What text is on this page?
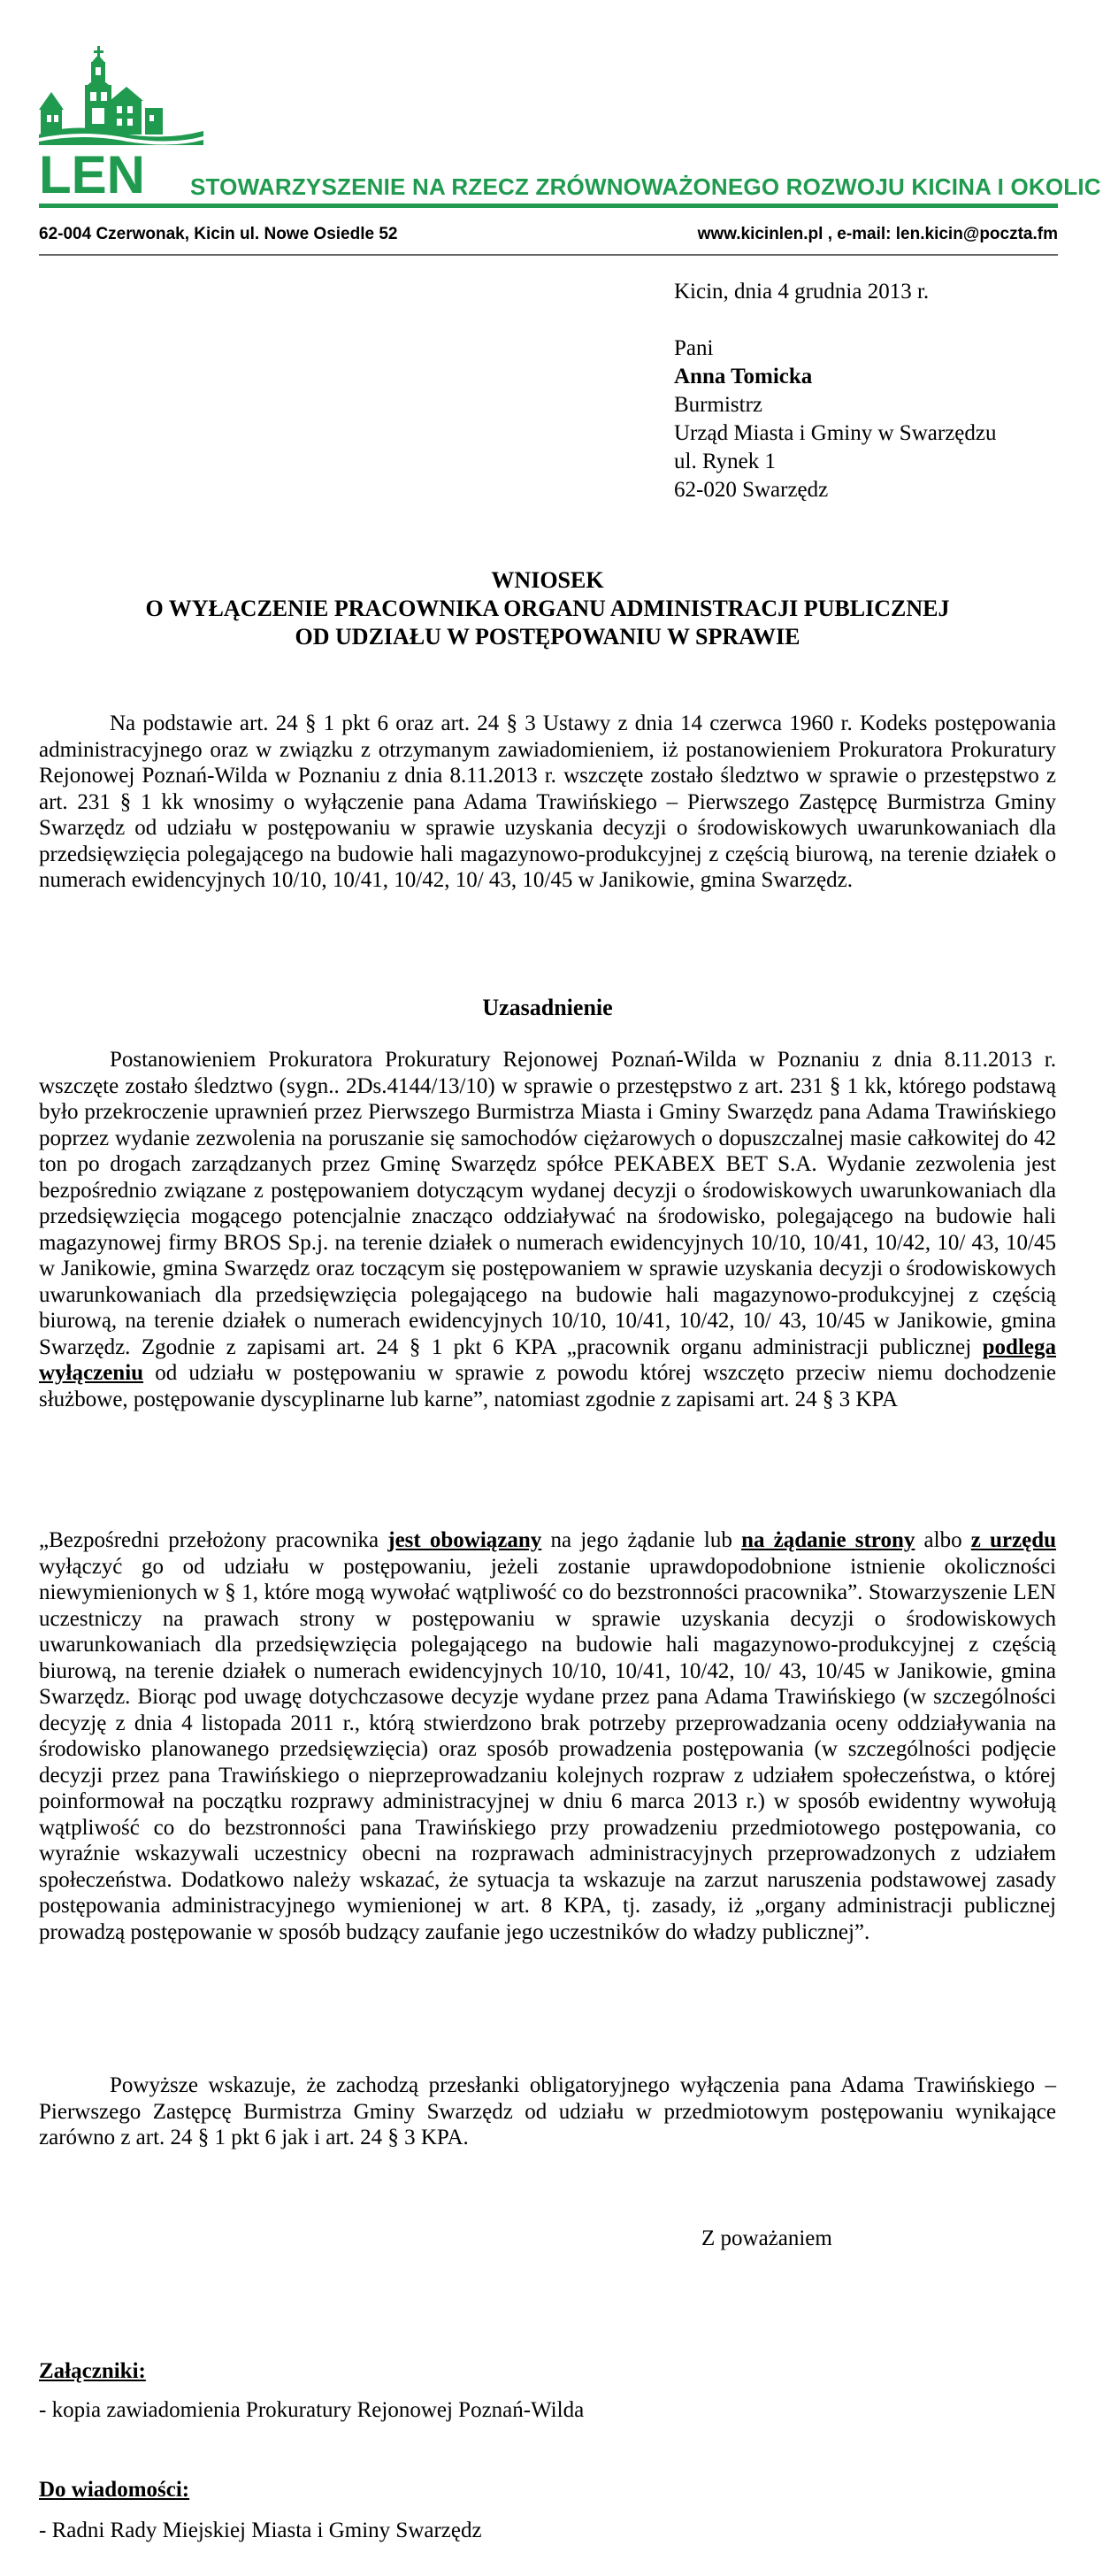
LEN STOWARZYSZENIE NA RZECZ ZRÓWNOWAŻONEGO ROZWOJU KICINA I OKOLIC
62-004 Czerwonak, Kicin ul. Nowe Osiedle 52	www.kicinlen.pl , e-mail: len.kicin@poczta.fm
Kicin, dnia 4 grudnia 2013 r.
Pani
Anna Tomicka
Burmistrz
Urząd Miasta i Gminy w Swarzędzu
ul. Rynek 1
62-020 Swarzędz
WNIOSEK
O WYŁĄCZENIE PRACOWNIKA ORGANU ADMINISTRACJI PUBLICZNEJ
OD UDZIAŁU W POSTĘPOWANIU W SPRAWIE
Na podstawie art. 24 § 1 pkt 6 oraz art. 24 § 3 Ustawy z dnia 14 czerwca 1960 r. Kodeks postępowania administracyjnego oraz w związku z otrzymanym zawiadomieniem, iż postanowieniem Prokuratora Prokuratury Rejonowej Poznań-Wilda w Poznaniu z dnia 8.11.2013 r. wszczęte zostało śledztwo w sprawie o przestępstwo z art. 231 § 1 kk wnosimy o wyłączenie pana Adama Trawińskiego – Pierwszego Zastępcę Burmistrza Gminy Swarzędz od udziału w postępowaniu w sprawie uzyskania decyzji o środowiskowych uwarunkowaniach dla przedsięwzięcia polegającego na budowie hali magazynowo-produkcyjnej z częścią biurową, na terenie działek o numerach ewidencyjnych 10/10, 10/41, 10/42, 10/ 43, 10/45 w Janikowie, gmina Swarzędz.
Uzasadnienie
Postanowieniem Prokuratora Prokuratury Rejonowej Poznań-Wilda w Poznaniu z dnia 8.11.2013 r. wszczęte zostało śledztwo (sygn.. 2Ds.4144/13/10) w sprawie o przestępstwo z art. 231 § 1 kk, którego podstawą było przekroczenie uprawnień przez Pierwszego Burmistrza Miasta i Gminy Swarzędz pana Adama Trawińskiego poprzez wydanie zezwolenia na poruszanie się samochodów ciężarowych o dopuszczalnej masie całkowitej do 42 ton po drogach zarządzanych przez Gminę Swarzędz spółce PEKABEX BET S.A. Wydanie zezwolenia jest bezpośrednio związane z postępowaniem dotyczącym wydanej decyzji o środowiskowych uwarunkowaniach dla przedsięwzięcia mogącego potencjalnie znacząco oddziaływać na środowisko, polegającego na budowie hali magazynowej firmy BROS Sp.j. na terenie działek o numerach ewidencyjnych 10/10, 10/41, 10/42, 10/ 43, 10/45 w Janikowie, gmina Swarzędz oraz toczącym się postępowaniem w sprawie uzyskania decyzji o środowiskowych uwarunkowaniach dla przedsięwzięcia polegającego na budowie hali magazynowo-produkcyjnej z częścią biurową, na terenie działek o numerach ewidencyjnych 10/10, 10/41, 10/42, 10/ 43, 10/45 w Janikowie, gmina Swarzędz. Zgodnie z zapisami art. 24 § 1 pkt 6 KPA „pracownik organu administracji publicznej podlega wyłączeniu od udziału w postępowaniu w sprawie z powodu której wszczęto przeciw niemu dochodzenie służbowe, postępowanie dyscyplinarne lub karne”, natomiast zgodnie z zapisami art. 24 § 3 KPA
„Bezpośredni przełożony pracownika jest obowiązany na jego żądanie lub na żądanie strony albo z urzędu wyłączyć go od udziału w postępowaniu, jeżeli zostanie uprawdopodobnione istnienie okoliczności niewymienionych w § 1, które mogą wywołać wątpliwość co do bezstronności pracownika”. Stowarzyszenie LEN uczestniczy na prawach strony w postępowaniu w sprawie uzyskania decyzji o środowiskowych uwarunkowaniach dla przedsięwzięcia polegającego na budowie hali magazynowo-produkcyjnej z częścią biurową, na terenie działek o numerach ewidencyjnych 10/10, 10/41, 10/42, 10/ 43, 10/45 w Janikowie, gmina Swarzędz. Biorąc pod uwagę dotychczasowe decyzje wydane przez pana Adama Trawińskiego (w szczególności decyzję z dnia 4 listopada 2011 r., którą stwierdzono brak potrzeby przeprowadzania oceny oddziaływania na środowisko planowanego przedsięwzięcia) oraz sposób prowadzenia postępowania (w szczególności podjęcie decyzji przez pana Trawińskiego o nieprzeprowadzaniu kolejnych rozpraw z udziałem społeczeństwa, o której poinformował na początku rozprawy administracyjnej w dniu 6 marca 2013 r.) w sposób ewidentny wywołują wątpliwość co do bezstronności pana Trawińskiego przy prowadzeniu przedmiotowego postępowania, co wyraźnie wskazywali uczestnicy obecni na rozprawach administracyjnych przeprowadzonych z udziałem społeczeństwa. Dodatkowo należy wskazać, że sytuacja ta wskazuje na zarzut naruszenia podstawowej zasady postępowania administracyjnego wymienionej w art. 8 KPA, tj. zasady, iż „organy administracji publicznej prowadzą postępowanie w sposób budzący zaufanie jego uczestników do władzy publicznej”.
Powyższe wskazuje, że zachodzą przesłanki obligatoryjnego wyłączenia pana Adama Trawińskiego – Pierwszego Zastępcę Burmistrza Gminy Swarzędz od udziału w przedmiotowym postępowaniu wynikające zarówno z art. 24 § 1 pkt 6 jak i art. 24 § 3 KPA.
Z poważaniem
Załączniki:
- kopia zawiadomienia Prokuratury Rejonowej Poznań-Wilda
Do wiadomości:
- Radni Rady Miejskiej Miasta i Gminy Swarzędz
